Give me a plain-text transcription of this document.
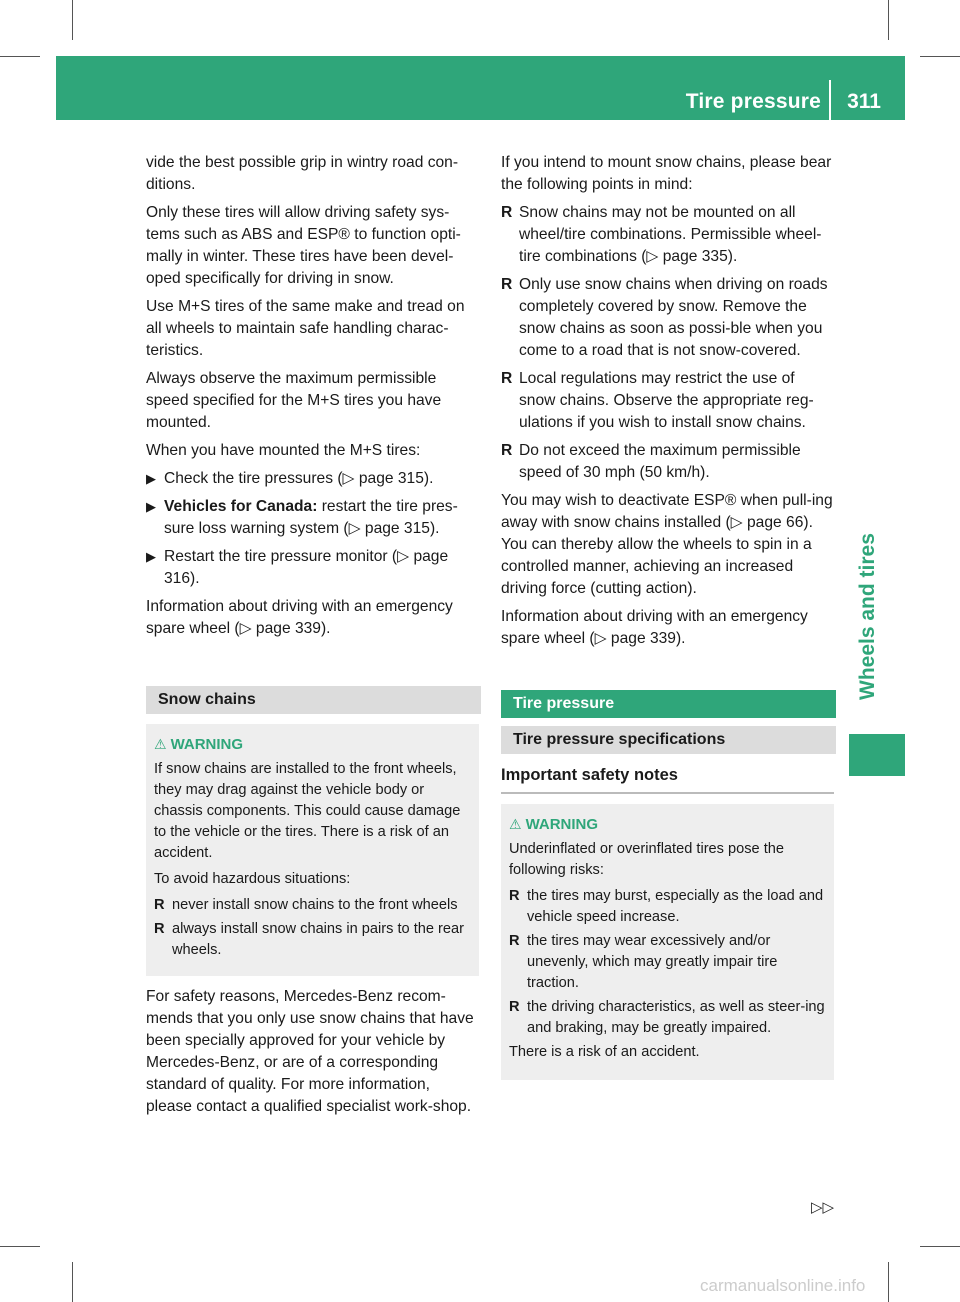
Tire pressure 311
Wheels and tires

vide the best possible grip in wintry road con-ditions.

Only these tires will allow driving safety sys-tems such as ABS and ESP® to function opti-mally in winter. These tires have been devel-oped specifically for driving in snow.

Use M+S tires of the same make and tread on all wheels to maintain safe handling charac-teristics.

Always observe the maximum permissible speed specified for the M+S tires you have mounted.

When you have mounted the M+S tires:

▶ Check the tire pressures (▷ page 315).
▶ Vehicles for Canada: restart the tire pres-sure loss warning system (▷ page 315).
▶ Restart the tire pressure monitor (▷ page 316).

Information about driving with an emergency spare wheel (▷ page 339).

Snow chains
⚠ WARNING

If snow chains are installed to the front wheels, they may drag against the vehicle body or chassis components. This could cause damage to the vehicle or the tires. There is a risk of an accident.

To avoid hazardous situations:

R never install snow chains to the front wheels
R always install snow chains in pairs to the rear wheels.

For safety reasons, Mercedes-Benz recom-mends that you only use snow chains that have been specially approved for your vehicle by Mercedes-Benz, or are of a corresponding standard of quality. For more information, please contact a qualified specialist work-shop.

If you intend to mount snow chains, please bear the following points in mind:

R Snow chains may not be mounted on all wheel/tire combinations. Permissible wheel-tire combinations (▷ page 335).
R Only use snow chains when driving on roads completely covered by snow. Remove the snow chains as soon as possi-ble when you come to a road that is not snow-covered.
R Local regulations may restrict the use of snow chains. Observe the appropriate reg-ulations if you wish to install snow chains.
R Do not exceed the maximum permissible speed of 30 mph (50 km/h).

You may wish to deactivate ESP® when pull-ing away with snow chains installed (▷ page 66). You can thereby allow the wheels to spin in a controlled manner, achieving an increased driving force (cutting action).

Information about driving with an emergency spare wheel (▷ page 339).

Tire pressure
Tire pressure specifications
Important safety notes
⚠ WARNING

Underinflated or overinflated tires pose the following risks:

R the tires may burst, especially as the load and vehicle speed increase.
R the tires may wear excessively and/or unevenly, which may greatly impair tire traction.
R the driving characteristics, as well as steer-ing and braking, may be greatly impaired.

There is a risk of an accident.

▷▷
carmanualsonline.info
